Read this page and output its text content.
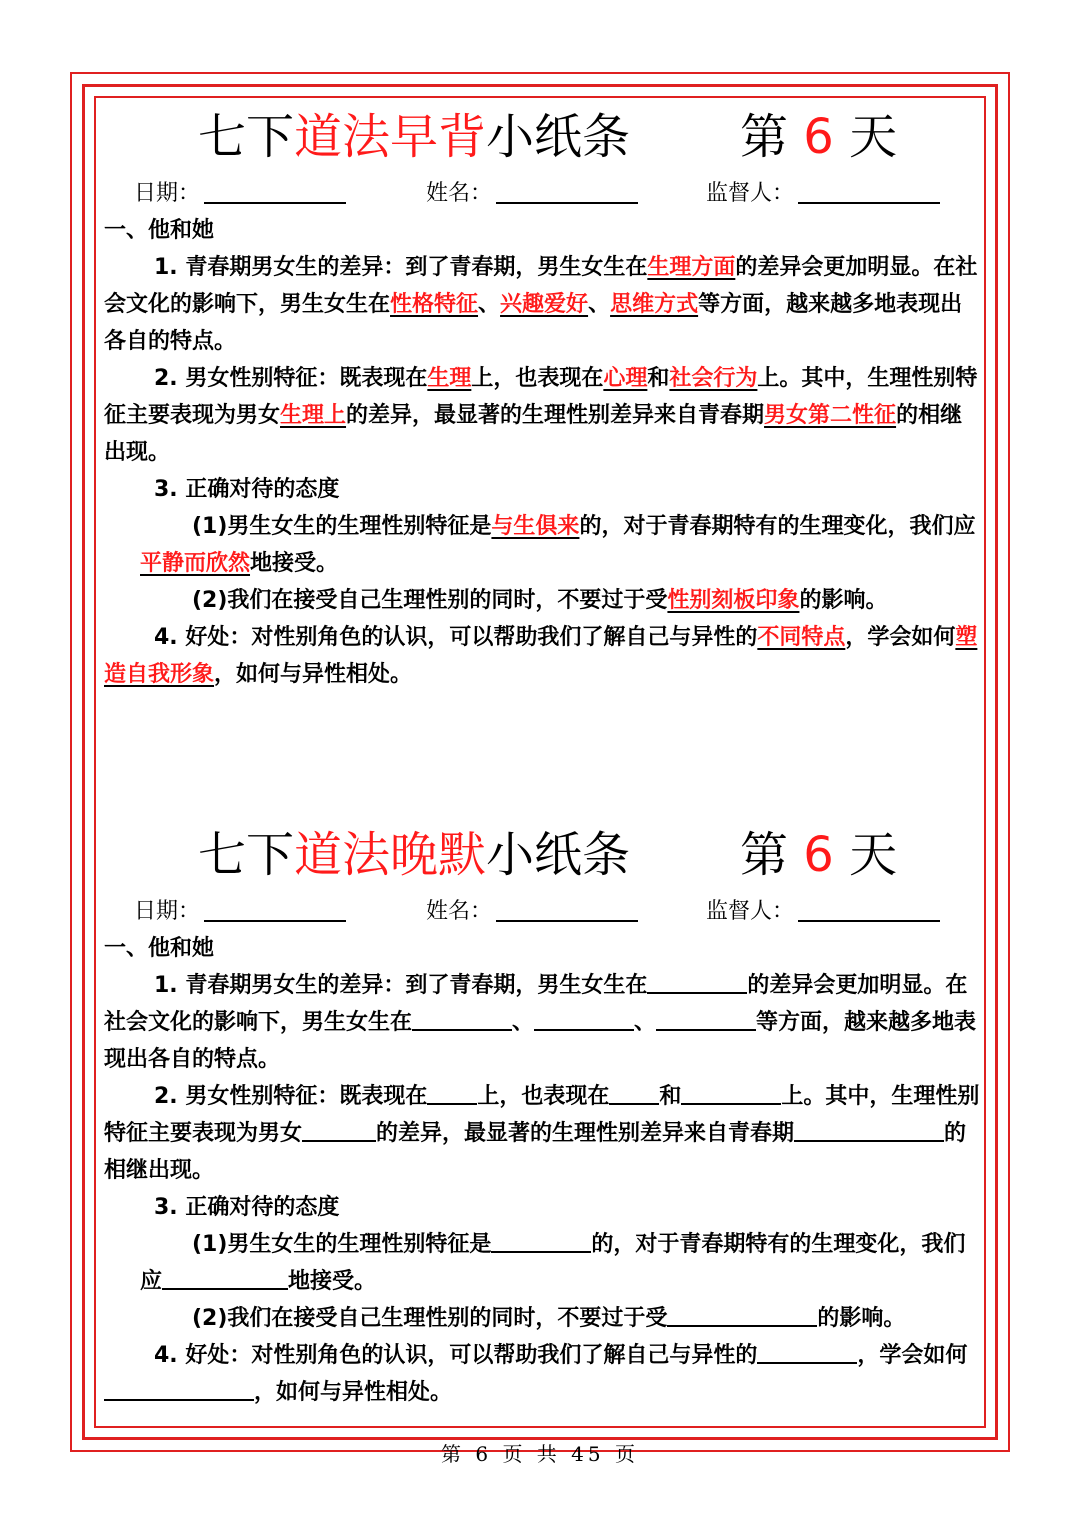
七下道法早背小纸条 第 6 天
日期：	姓名：	监督人：
一、他和她
1. 青春期男女生的差异：到了青春期，男生女生在生理方面的差异会更加明显。在社会文化的影响下，男生女生在性格特征、兴趣爱好、思维方式等方面，越来越多地表现出各自的特点。
2. 男女性别特征：既表现在生理上，也表现在心理和社会行为上。其中，生理性别特征主要表现为男女生理上的差异，最显著的生理性别差异来自青春期男女第二性征的相继出现。
3. 正确对待的态度
(1)男生女生的生理性别特征是与生俱来的，对于青春期特有的生理变化，我们应平静而欣然地接受。
(2)我们在接受自己生理性别的同时，不要过于受性别刻板印象的影响。
4. 好处：对性别角色的认识，可以帮助我们了解自己与异性的不同特点，学会如何塑造自我形象，如何与异性相处。
七下道法晚默小纸条 第 6 天
日期：	姓名：	监督人：
一、他和她
1. 青春期男女生的差异：到了青春期，男生女生在	的差异会更加明显。在社会文化的影响下，男生女生在	、	、	等方面，越来越多地表现出各自的特点。
2. 男女性别特征：既表现在 上，也表现在 和	上。其中，生理性别特征主要表现为男女	的差异，最显著的生理性别差异来自青春期	的相继出现。
3. 正确对待的态度
(1)男生女生的生理性别特征是	的，对于青春期特有的生理变化，我们应	地接受。
(2)我们在接受自己生理性别的同时，不要过于受	的影响。
4. 好处：对性别角色的认识，可以帮助我们了解自己与异性的	，学会如何，如何与异性相处。
第 6 页 共 45 页
